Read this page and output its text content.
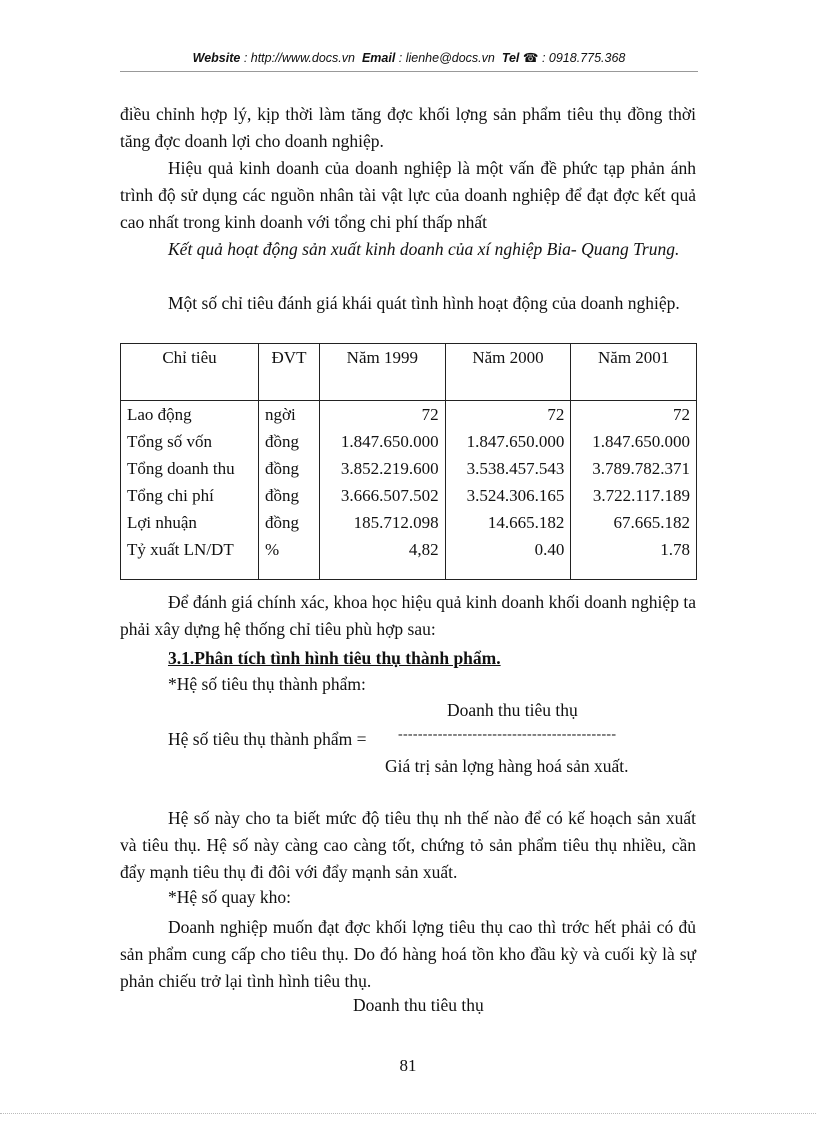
Website : http://www.docs.vn Email : lienhe@docs.vn Tel ☎ : 0918.775.368
điều chỉnh hợp lý, kịp thời làm tăng đợc khối lợng sản phẩm tiêu thụ đồng thời tăng đợc doanh lợi cho doanh nghiệp.
Hiệu quả kinh doanh của doanh nghiệp là một vấn đề phức tạp phản ánh trình độ sử dụng các nguồn nhân tài vật lực của doanh nghiệp để đạt đợc kết quả cao nhất trong kinh doanh với tổng chi phí thấp nhất
Kết quả hoạt động sản xuất kinh doanh của xí nghiệp Bia- Quang Trung.
Một số chỉ tiêu đánh giá khái quát tình hình hoạt động của doanh nghiệp.
Chỉ tiêu	ĐVT	Năm 1999	Năm 2000	Năm 2001
Lao động	ngời	72	72	72
Tổng số vốn	đồng	1.847.650.000	1.847.650.000	1.847.650.000
Tổng doanh thu	đồng	3.852.219.600	3.538.457.543	3.789.782.371
Tổng chi phí	đồng	3.666.507.502	3.524.306.165	3.722.117.189
Lợi nhuận	đồng	185.712.098	14.665.182	67.665.182
Tỷ xuất LN/DT	%	4,82	0.40	1.78

Để đánh giá chính xác, khoa học hiệu quả kinh doanh khối doanh nghiệp ta phải xây dựng hệ thống chỉ tiêu phù hợp sau:
3.1.Phân tích tình hình tiêu thụ thành phẩm.
*Hệ số tiêu thụ thành phẩm:
Doanh thu tiêu thụ
Hệ số tiêu thụ thành phẩm = --------------------------------------------
Giá trị sản lợng hàng hoá sản xuất.
Hệ số này cho ta biết mức độ tiêu thụ nh thế nào để có kế hoạch sản xuất và tiêu thụ. Hệ số này càng cao càng tốt, chứng tỏ sản phẩm tiêu thụ nhiều, cần đẩy mạnh tiêu thụ đi đôi với đẩy mạnh sản xuất.
*Hệ số quay kho:
Doanh nghiệp muốn đạt đợc khối lợng tiêu thụ cao thì trớc hết phải có đủ sản phẩm cung cấp cho tiêu thụ. Do đó hàng hoá tồn kho đầu kỳ và cuối kỳ là sự phản chiếu trở lại tình hình tiêu thụ.
Doanh thu tiêu thụ
81
